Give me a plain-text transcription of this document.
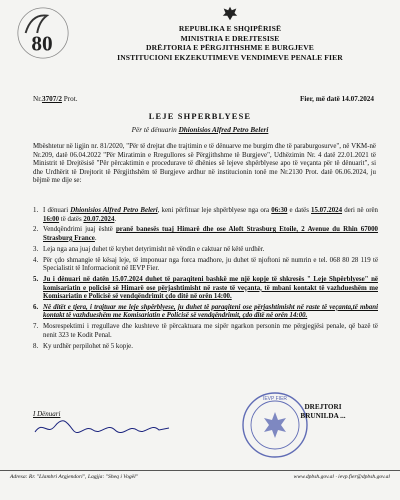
80
REPUBLIKA E SHQIPËRISË
MINISTRIA E DREJTESISE
DRËJTORIA E PËRGJITHSHME E BURGJEVE
INSTITUCIONI EKZEKUTIMEVE VENDIMEVE PENALE FIER
Nr.3707/2 Prot.	Fier, më datë 14.07.2024
LEJE SHPERBLYESE
Për të dënuarin Dhionisios Alfred Petro Beleri
Mbështetur në ligjin nr. 81/2020, "Për të drejtat dhe trajtimin e të dënuarve me burgim dhe të paraburgosurve", në VKM-në Nr.209, datë 06.04.2022 "Për Miratimin e Rregullores së Përgjithshme të Burgjeve", Udhëzimin Nr. 4 datë 22.01.2021 të Ministrit të Drejtësisë "Për përcaktimin e procedurave të dhënies së lejeve shpërblyese apo të veçanta për të dënuarit", si dhe Urdhërit të Drejtorit të Përgjithshëm të Burgjeve ardhur në institucionin tonë me Nr.2130 Prot. datë 06.06.2024, ju bëjmë me dije se:
1. I dënuari Dhionisios Alfred Petro Beleri, keni përfituar leje shpërblyese nga ora 06:30 e datës 15.07.2024 deri në orën 16:00 të datës 20.07.2024.
2. Vendqëndrimi juaj është pranë banesës tuaj Himarë dhe ose Aloft Strasburg Etoile, 2 Avenue du Rhin 67000 Strasburg France.
3. Leja nga ana juaj duhet të kryhet detyrimisht në vëndin e caktuar në këtë urdhër.
4. Për çdo shmangie të kësaj leje, të imponuar nga forca madhore, ju duhet të njoftoni në numrin e tel. 068 80 28 119 të Specialistit të Informacionit në IEVP Fier.
5. Ju i dënuari në datën 15.07.2024 duhet të paraqiteni bashkë me një kopje të shkresës " Leje Shpërblyese" në komisariatin e policisë së Himarë ose përjashtimisht në raste të veçanta, të mbani kontakt të vazhdueshëm me Komisariatin e Policisë së vendqëndrimit çdo ditë në orën 14:00.
6. Në ditët e tjera, i trajtuar me leje shpërblyese, ju duhet të paraqiteni ose përjashtimisht në raste të veçanta,të mbani kontakt të vazhdueshëm me Komisariatin e Policisë së vendqëndrimit, çdo ditë në orën 14:00.
7. Mosrespektimi i rregullave dhe kushteve të përcaktuara me sipër ngarkon personin me përgjegjësi penale, që bazë të nenit 323 te Kodit Penal.
8. Ky urdhër perpilohet në 5 kopje.
I Dënuari
IEVP FIER
DREJTORI
BRUNILDA ...
Adresa: Rr. "Llambri Argjendori", Lagjja: "Sheq i Vogël"	www.dpbsh.gov.al · ievp.fier@dpbsh.gov.al
